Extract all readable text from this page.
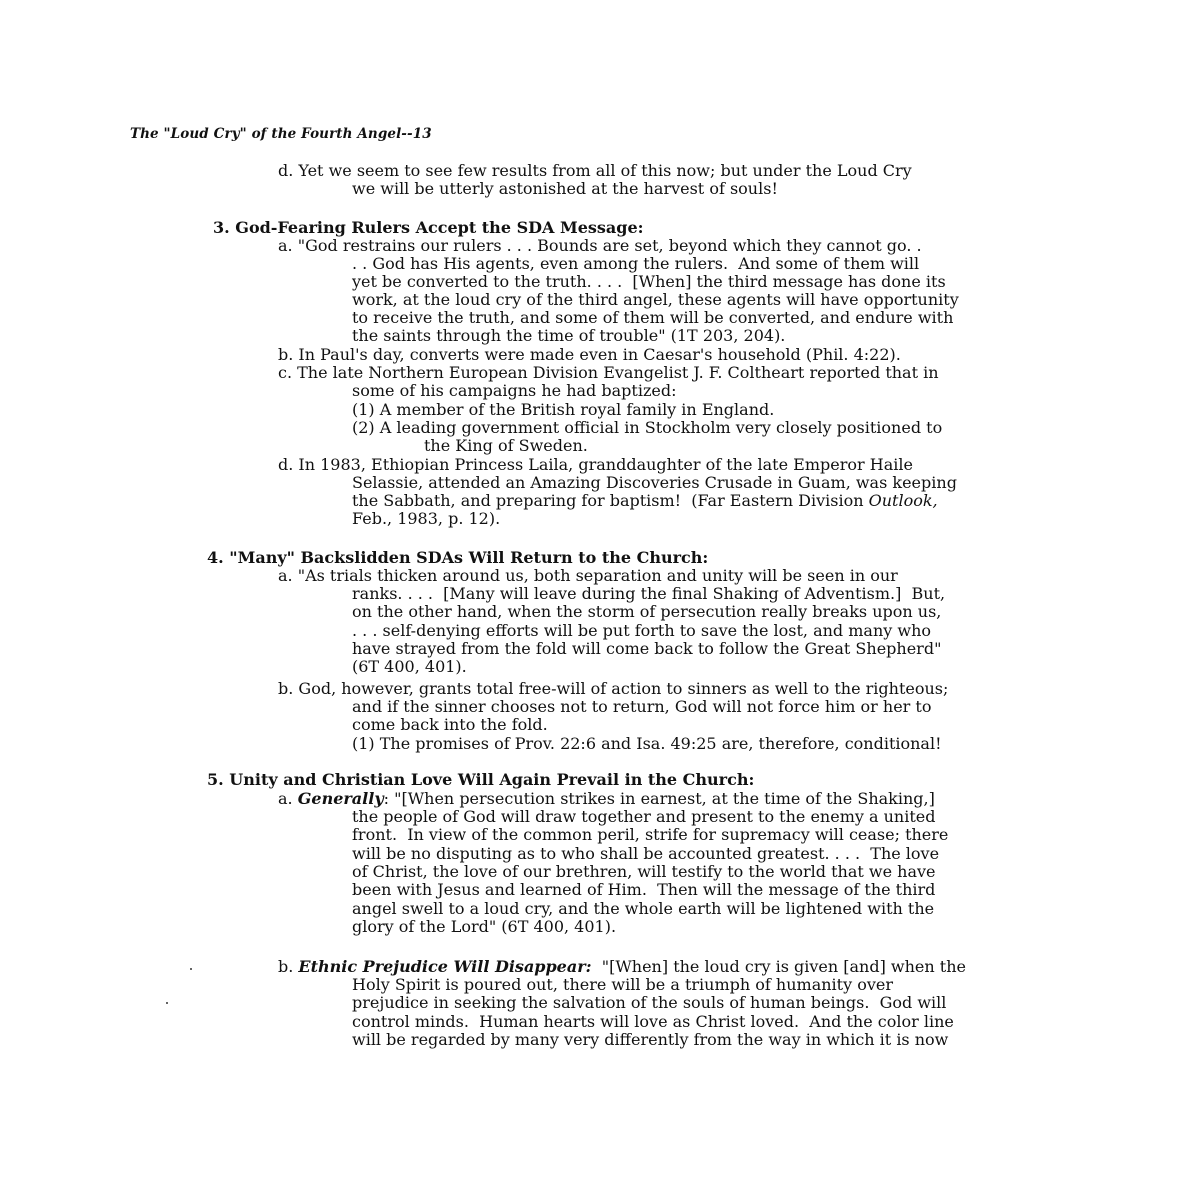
The "Loud Cry" of the Fourth Angel--13
d. Yet we seem to see few results from all of this now; but under the Loud Cry
we will be utterly astonished at the harvest of souls!
3. God-Fearing Rulers Accept the SDA Message:
a. "God restrains our rulers . . . Bounds are set, beyond which they cannot go. .
. . God has His agents, even among the rulers.  And some of them will
yet be converted to the truth. . . .  [When] the third message has done its
work, at the loud cry of the third angel, these agents will have opportunity
to receive the truth, and some of them will be converted, and endure with
the saints through the time of trouble" (1T 203, 204).
b. In Paul's day, converts were made even in Caesar's household (Phil. 4:22).
c. The late Northern European Division Evangelist J. F. Coltheart reported that in
some of his campaigns he had baptized:
(1) A member of the British royal family in England.
(2) A leading government official in Stockholm very closely positioned to
the King of Sweden.
d. In 1983, Ethiopian Princess Laila, granddaughter of the late Emperor Haile
Selassie, attended an Amazing Discoveries Crusade in Guam, was keeping
the Sabbath, and preparing for baptism!  (Far Eastern Division Outlook,
Feb., 1983, p. 12).
4. "Many" Backslidden SDAs Will Return to the Church:
a. "As trials thicken around us, both separation and unity will be seen in our
ranks. . . .  [Many will leave during the final Shaking of Adventism.]  But,
on the other hand, when the storm of persecution really breaks upon us,
. . . self-denying efforts will be put forth to save the lost, and many who
have strayed from the fold will come back to follow the Great Shepherd"
(6T 400, 401).
b. God, however, grants total free-will of action to sinners as well to the righteous;
and if the sinner chooses not to return, God will not force him or her to
come back into the fold.
(1) The promises of Prov. 22:6 and Isa. 49:25 are, therefore, conditional!
5. Unity and Christian Love Will Again Prevail in the Church:
a. Generally: "[When persecution strikes in earnest, at the time of the Shaking,]
the people of God will draw together and present to the enemy a united
front.  In view of the common peril, strife for supremacy will cease; there
will be no disputing as to who shall be accounted greatest. . . .  The love
of Christ, the love of our brethren, will testify to the world that we have
been with Jesus and learned of Him.  Then will the message of the third
angel swell to a loud cry, and the whole earth will be lightened with the
glory of the Lord" (6T 400, 401).
b. Ethnic Prejudice Will Disappear:  "[When] the loud cry is given [and] when the
Holy Spirit is poured out, there will be a triumph of humanity over
prejudice in seeking the salvation of the souls of human beings.  God will
control minds.  Human hearts will love as Christ loved.  And the color line
will be regarded by many very differently from the way in which it is now
